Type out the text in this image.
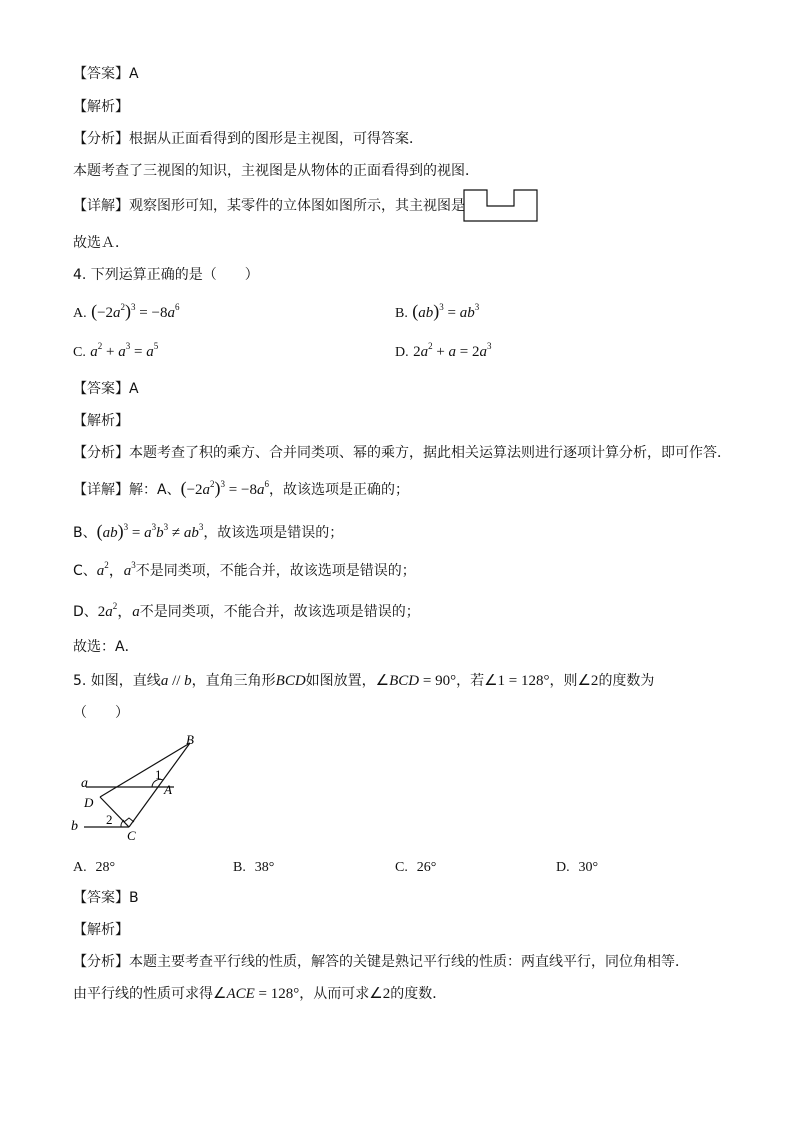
【答案】A
【解析】
【分析】根据从正面看得到的图形是主视图，可得答案．
本题考查了三视图的知识，主视图是从物体的正面看得到的视图．
【详解】观察图形可知，某零件的立体图如图所示，其主视图是
故选Ａ．
4. 下列运算正确的是（　　）
A. $(-2a^2)^3 = -8a^6$	B. $(ab)^3 = ab^3$
C. $a^2 + a^3 = a^5$	D. $2a^2 + a = 2a^3$
【答案】A
【解析】
【分析】本题考查了积的乘方、合并同类项、幂的乘方，据此相关运算法则进行逐项计算分析，即可作答．
【详解】解：A、$(-2a^2)^3 = -8a^6$，故该选项是正确的；
B、$(ab)^3 = a^3b^3 \ne ab^3$，故该选项是错误的；
C、$a^2$，$a^3$不是同类项，不能合并，故该选项是错误的；
D、$2a^2$，a不是同类项，不能合并，故该选项是错误的；
故选：A．
5. 如图，直线a // b，直角三角形BCD如图放置，∠BCD = 90°，若∠1 = 128°，则∠2的度数为
（　　）
B
a
1
A
D
b 2
C
A. 28°	B. 38°	C. 26°	D. 30°
【答案】B
【解析】
【分析】本题主要考查平行线的性质，解答的关键是熟记平行线的性质：两直线平行，同位角相等．
由平行线的性质可求得∠ACE = 128°，从而可求∠2的度数．
